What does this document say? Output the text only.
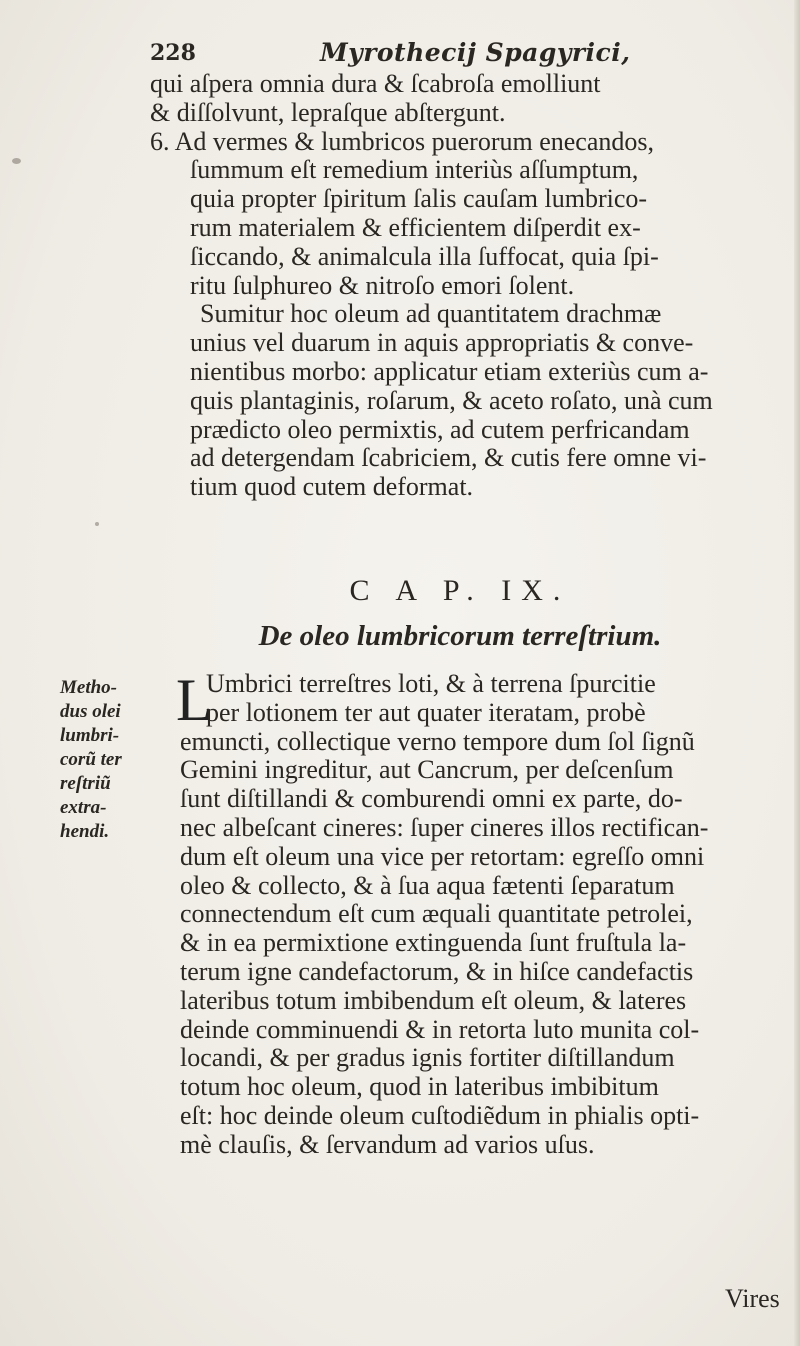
228	Myrothecij Spagyrici,
qui aſpera omnia dura & ſcabroſa emolliunt
& diſſolvunt, lepraſque abſtergunt.
6. Ad vermes & lumbricos puerorum enecandos,
ſummum eſt remedium interiùs aſſumptum,
quia propter ſpiritum ſalis cauſam lumbrico-
rum materialem & efficientem diſperdit ex-
ſiccando, & animalcula illa ſuffocat, quia ſpi-
ritu ſulphureo & nitroſo emori ſolent.
Sumitur hoc oleum ad quantitatem drachmæ
unius vel duarum in aquis appropriatis & conve-
nientibus morbo: applicatur etiam exteriùs cum a-
quis plantaginis, roſarum, & aceto roſato, unà cum
prædicto oleo permixtis, ad cutem perfricandam
ad detergendam ſcabriciem, & cutis fere omne vi-
tium quod cutem deformat.
C A P. IX.
De oleo lumbricorum terreſtrium.
Metho-
dus olei
lumbri-
corũ ter
reſtriũ
extra-
hendi.
L
Umbrici terreſtres loti, & à terrena ſpurcitie
per lotionem ter aut quater iteratam, probè
emuncti, collectique verno tempore dum ſol ſignũ
Gemini ingreditur, aut Cancrum, per deſcenſum
ſunt diſtillandi & comburendi omni ex parte, do-
nec albeſcant cineres: ſuper cineres illos rectifican-
dum eſt oleum una vice per retortam: egreſſo omni
oleo & collecto, & à ſua aqua fætenti ſeparatum
connectendum eſt cum æquali quantitate petrolei,
& in ea permixtione extinguenda ſunt fruſtula la-
terum igne candefactorum, & in hiſce candefactis
lateribus totum imbibendum eſt oleum, & lateres
deinde comminuendi & in retorta luto munita col-
locandi, & per gradus ignis fortiter diſtillandum
totum hoc oleum, quod in lateribus imbibitum
eſt: hoc deinde oleum cuſtodiẽdum in phialis opti-
mè clauſis, & ſervandum ad varios uſus.
Vires
